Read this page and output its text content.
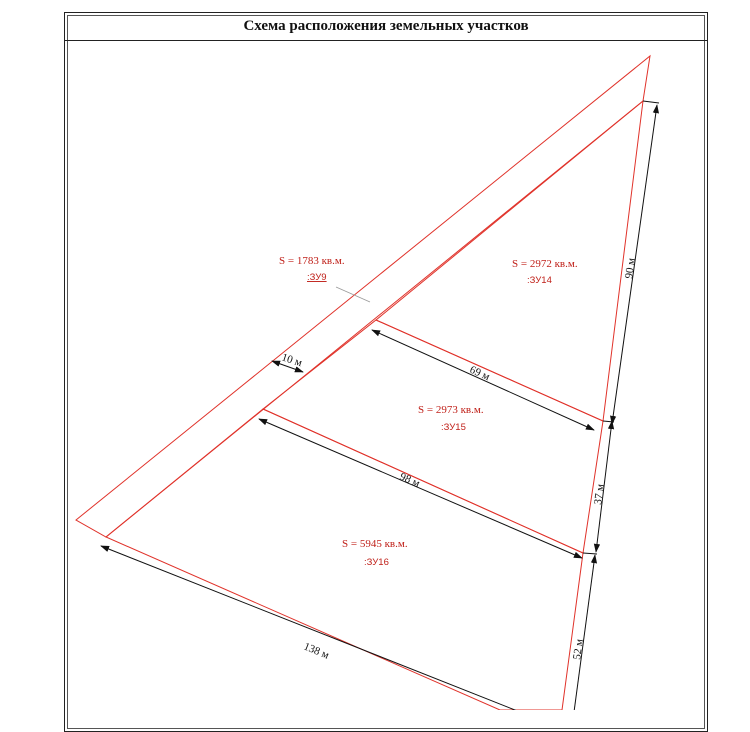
Схема расположения земельных участков
S = 1783 кв.м.
:ЗУ9
S = 2972 кв.м.
:ЗУ14
S = 2973 кв.м.
:ЗУ15
S = 5945 кв.м.
:ЗУ16
10 м
69 м
98 м
138 м
90 м
37 м
52 м
